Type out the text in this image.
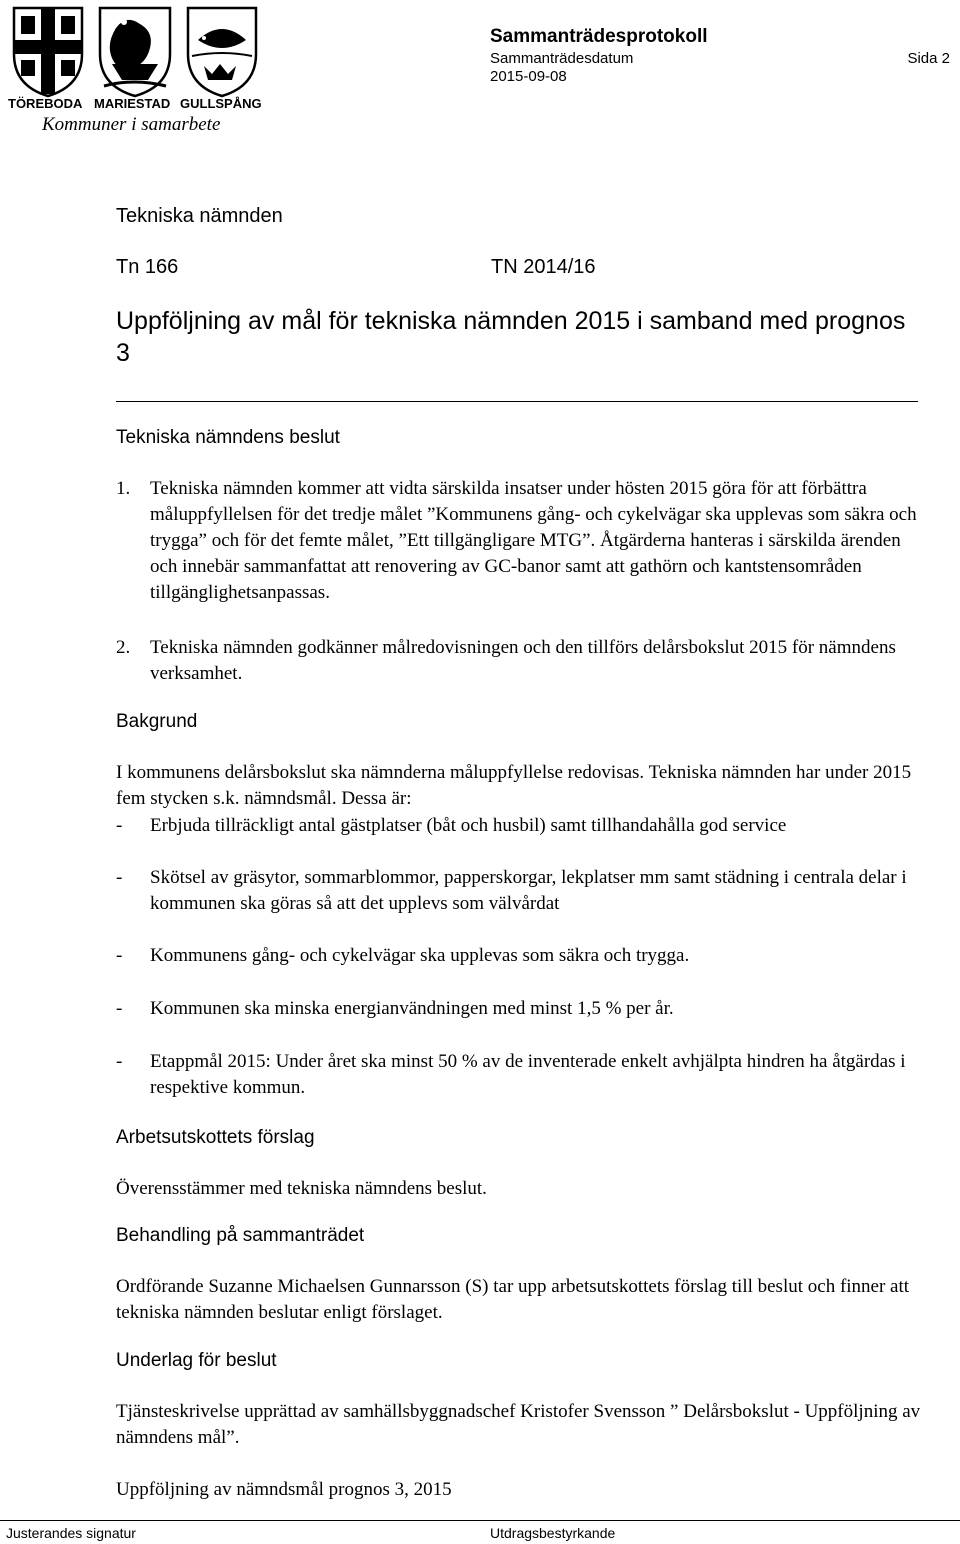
TÖREBODA MARIESTAD GULLSPÅNG
Kommuner i samarbete
Sammanträdesprotokoll
Sammanträdesdatum
2015-09-08
Sida 2
Tekniska nämnden
Tn 166	TN 2014/16
Uppföljning av mål för tekniska nämnden 2015 i samband med prognos 3
Tekniska nämndens beslut
1. Tekniska nämnden kommer att vidta särskilda insatser under hösten 2015 göra för att förbättra måluppfyllelsen för det tredje målet ”Kommunens gång- och cykelvägar ska upplevas som säkra och trygga” och för det femte målet, ”Ett tillgängligare MTG”. Åtgärderna hanteras i särskilda ärenden och innebär sammanfattat att renovering av GC-banor samt att gathörn och kantstensområden tillgänglighetsanpassas.
2. Tekniska nämnden godkänner målredovisningen och den tillförs delårsbokslut 2015 för nämndens verksamhet.
Bakgrund
I kommunens delårsbokslut ska nämnderna måluppfyllelse redovisas. Tekniska nämnden har under 2015 fem stycken s.k. nämndsmål. Dessa är:
- Erbjuda tillräckligt antal gästplatser (båt och husbil) samt tillhandahålla god service
- Skötsel av gräsytor, sommarblommor, papperskorgar, lekplatser mm samt städning i centrala delar i kommunen ska göras så att det upplevs som välvårdat
- Kommunens gång- och cykelvägar ska upplevas som säkra och trygga.
- Kommunen ska minska energianvändningen med minst 1,5 % per år.
- Etappmål 2015: Under året ska minst 50 % av de inventerade enkelt avhjälpta hindren ha åtgärdas i respektive kommun.
Arbetsutskottets förslag
Överensstämmer med tekniska nämndens beslut.
Behandling på sammanträdet
Ordförande Suzanne Michaelsen Gunnarsson (S) tar upp arbetsutskottets förslag till beslut och finner att tekniska nämnden beslutar enligt förslaget.
Underlag för beslut
Tjänsteskrivelse upprättad av samhällsbyggnadschef Kristofer Svensson ” Delårsbokslut - Uppföljning av nämndens mål”.
Uppföljning av nämndsmål prognos 3, 2015
Justerandes signatur	Utdragsbestyrkande
